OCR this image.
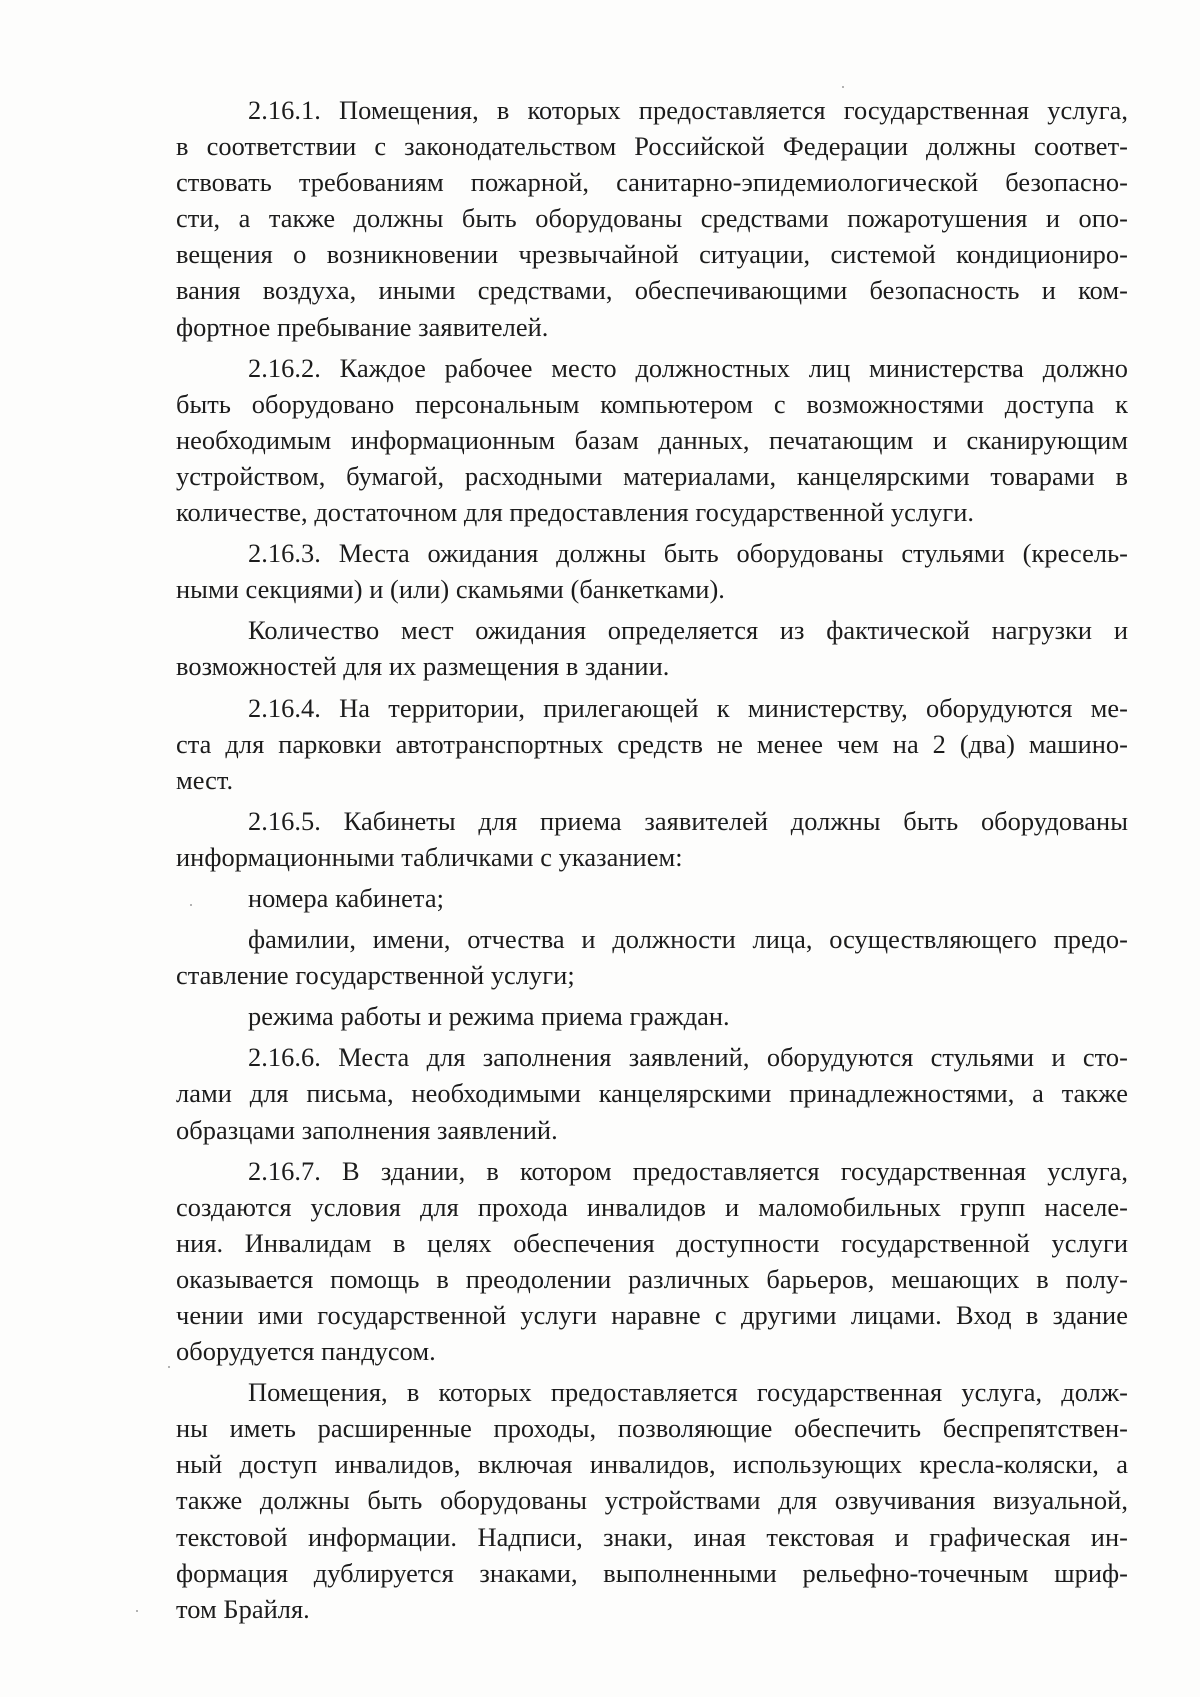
2.16.1. Помещения, в которых предоставляется государственная услуга,
в соответствии с законодательством Российской Федерации должны соответ-
ствовать требованиям пожарной, санитарно-эпидемиологической безопасно-
сти, а также должны быть оборудованы средствами пожаротушения и опо-
вещения о возникновении чрезвычайной ситуации, системой кондициониро-
вания воздуха, иными средствами, обеспечивающими безопасность и ком-
фортное пребывание заявителей.

2.16.2. Каждое рабочее место должностных лиц министерства должно
быть оборудовано персональным компьютером с возможностями доступа к
необходимым информационным базам данных, печатающим и сканирующим
устройством, бумагой, расходными материалами, канцелярскими товарами в
количестве, достаточном для предоставления государственной услуги.

2.16.3. Места ожидания должны быть оборудованы стульями (кресель-
ными секциями) и (или) скамьями (банкетками).

Количество мест ожидания определяется из фактической нагрузки и
возможностей для их размещения в здании.

2.16.4. На территории, прилегающей к министерству, оборудуются ме-
ста для парковки автотранспортных средств не менее чем на 2 (два) машино-
мест.

2.16.5. Кабинеты для приема заявителей должны быть оборудованы
информационными табличками с указанием:

номера кабинета;

фамилии, имени, отчества и должности лица, осуществляющего предо-
ставление государственной услуги;

режима работы и режима приема граждан.

2.16.6. Места для заполнения заявлений, оборудуются стульями и сто-
лами для письма, необходимыми канцелярскими принадлежностями, а также
образцами заполнения заявлений.

2.16.7. В здании, в котором предоставляется государственная услуга,
создаются условия для прохода инвалидов и маломобильных групп населе-
ния. Инвалидам в целях обеспечения доступности государственной услуги
оказывается помощь в преодолении различных барьеров, мешающих в полу-
чении ими государственной услуги наравне с другими лицами. Вход в здание
оборудуется пандусом.

Помещения, в которых предоставляется государственная услуга, долж-
ны иметь расширенные проходы, позволяющие обеспечить беспрепятствен-
ный доступ инвалидов, включая инвалидов, использующих кресла-коляски, а
также должны быть оборудованы устройствами для озвучивания визуальной,
текстовой информации. Надписи, знаки, иная текстовая и графическая ин-
формация дублируется знаками, выполненными рельефно-точечным шриф-
том Брайля.
